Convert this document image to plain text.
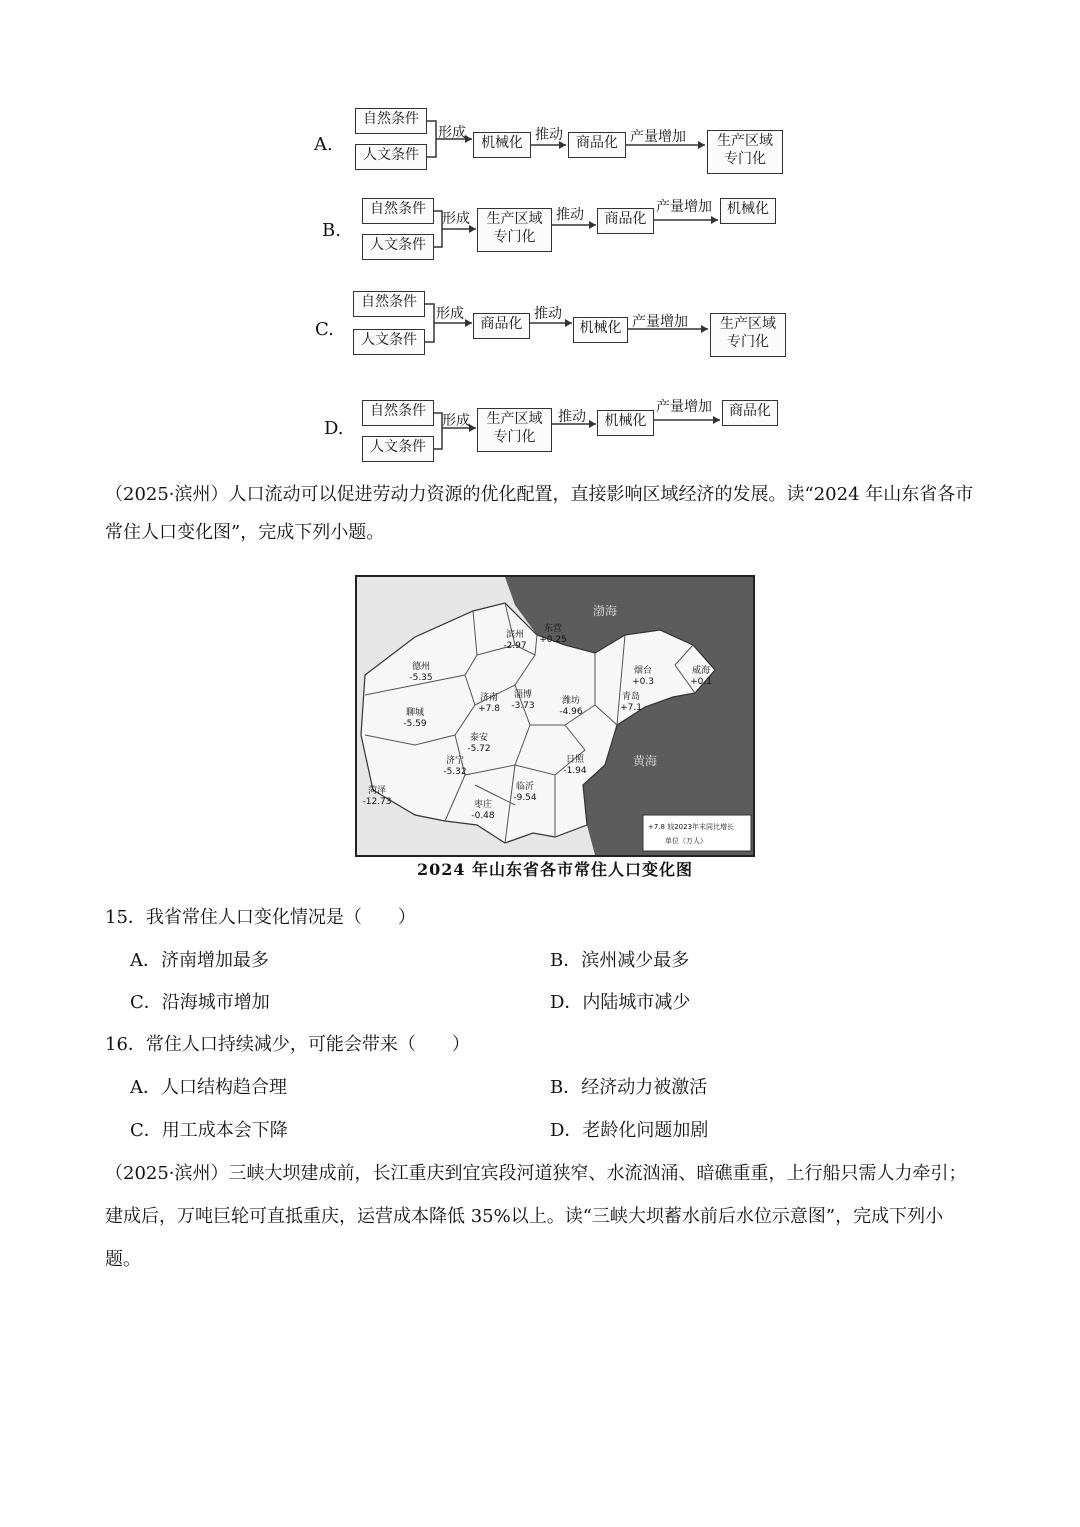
A.
自然条件
人文条件
形成
机械化 推动 商品化 产量增加	生产区域
专门化
B.
自然条件
人文条件
形成	生产区域
专门化
推动	商品化
产量增加	机械化
C.
自然条件
人文条件
形成
商品化
推动
机械化 产量增加	生产区域
专门化
D.
自然条件
人文条件
形成	生产区域
专门化
推动	机械化
产量增加	商品化
（2025·滨州）人口流动可以促进劳动力资源的优化配置，直接影响区域经济的发展。读“2024 年山东省各市常住人口变化图”，完成下列小题。
渤海
黄海
滨州
-2.97
东营
+0.25
德州
-5.35
聊城
-5.59
济南
+7.8
淄博
-3.73	潍坊
-4.96
烟台
+0.3
威海
+0.1
青岛
+7.1
泰安
-5.72
济宁
-5.32
菏泽
-12.73
临沂
-9.54
日照
-1.94
枣庄
-0.48
+7.8 较2023年末同比增长
单位（万人）
2024 年山东省各市常住人口变化图
15．我省常住人口变化情况是（　　）
A．济南增加最多	B．滨州减少最多
C．沿海城市增加	D．内陆城市减少
16．常住人口持续减少，可能会带来（　　）
A．人口结构趋合理	B．经济动力被激活
C．用工成本会下降	D．老龄化问题加剧
（2025·滨州）三峡大坝建成前，长江重庆到宜宾段河道狭窄、水流汹涌、暗礁重重，上行船只需人力牵引；建成后，万吨巨轮可直抵重庆，运营成本降低 35%以上。读“三峡大坝蓄水前后水位示意图”，完成下列小题。
